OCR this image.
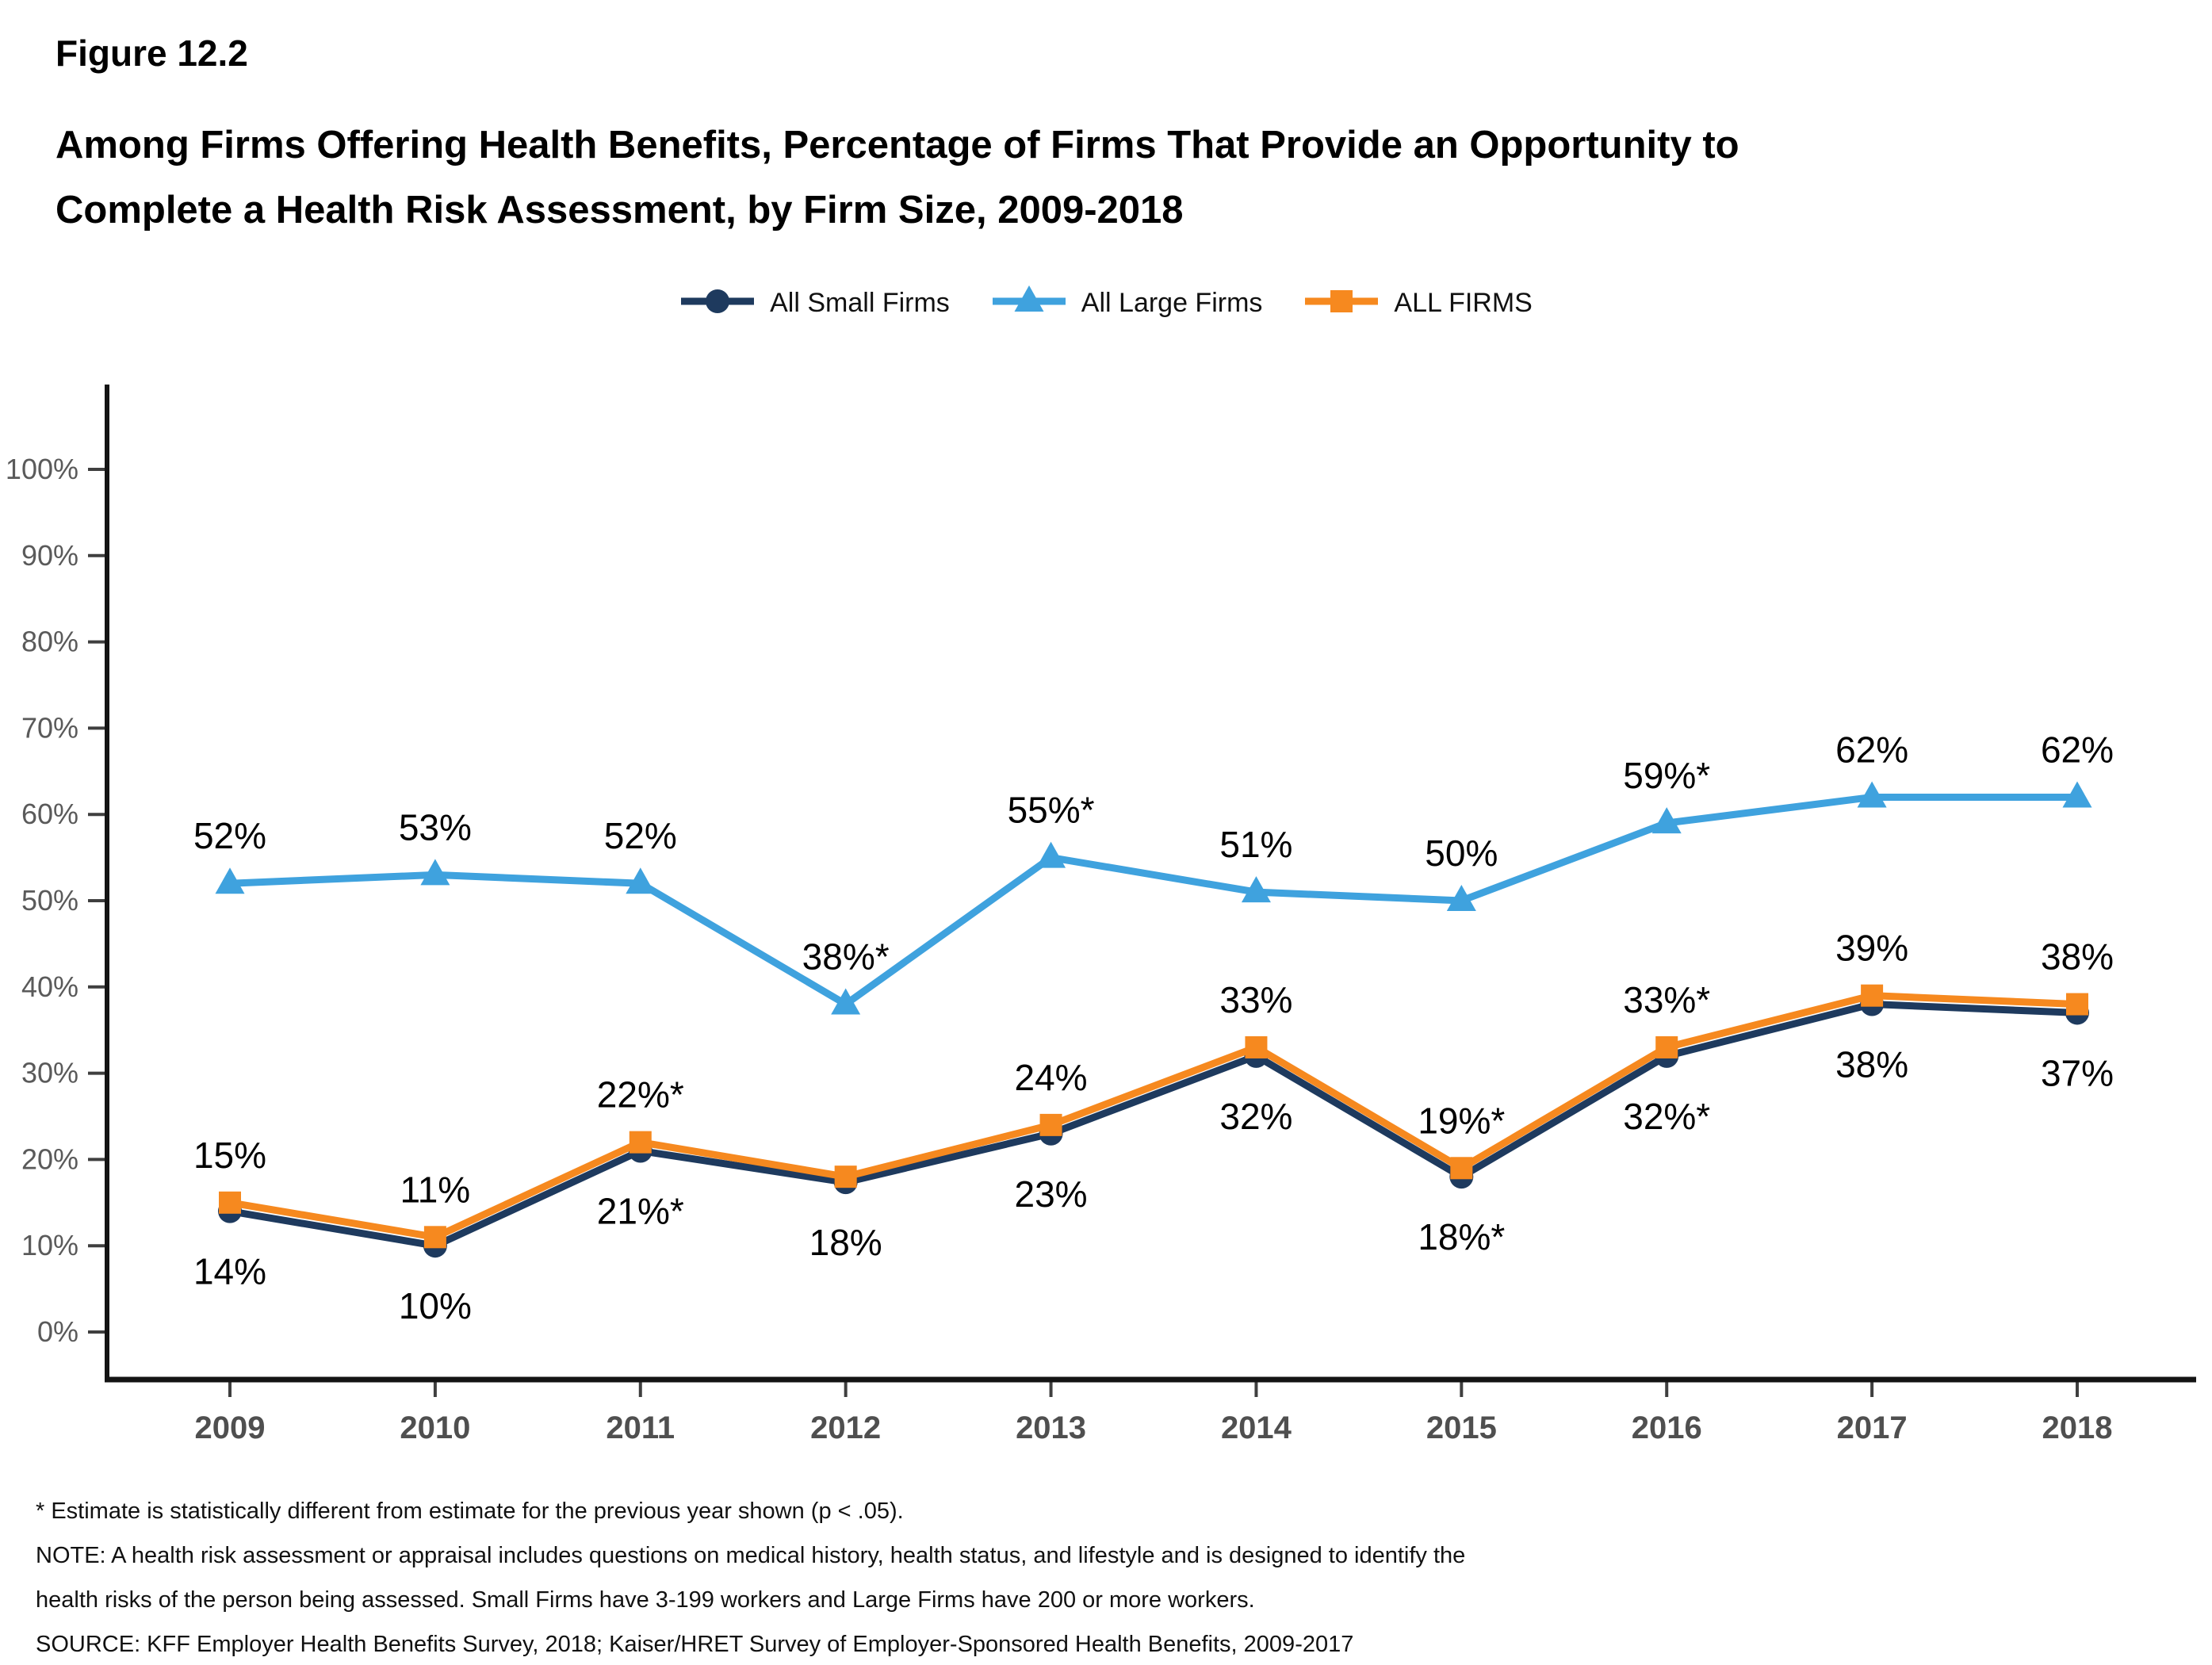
Figure 12.2
Among Firms Offering Health Benefits, Percentage of Firms That Provide an Opportunity to
Complete a Health Risk Assessment, by Firm Size, 2009-2018
All Small Firms	All Large Firms	ALL FIRMS
0%
10%
20%
30%
40%
50%
60%
70%
80%
90%
100%
2009	2010	2011	2012	2013	2014	2015	2016	2017	2018
14%
10%
21%*
18%
23%
32%
18%*
32%*
38%	37%
15%
11%
22%*	24%
33%
19%*
33%*
39%	38%
52%	53%	52%
38%*
55%*
51%	50%
59%*
62%	62%
* Estimate is statistically different from estimate for the previous year shown (p < .05).
NOTE: A health risk assessment or appraisal includes questions on medical history, health status, and lifestyle and is designed to identify the
health risks of the person being assessed. Small Firms have 3-199 workers and Large Firms have 200 or more workers.
SOURCE: KFF Employer Health Benefits Survey, 2018; Kaiser/HRET Survey of Employer-Sponsored Health Benefits, 2009-2017
